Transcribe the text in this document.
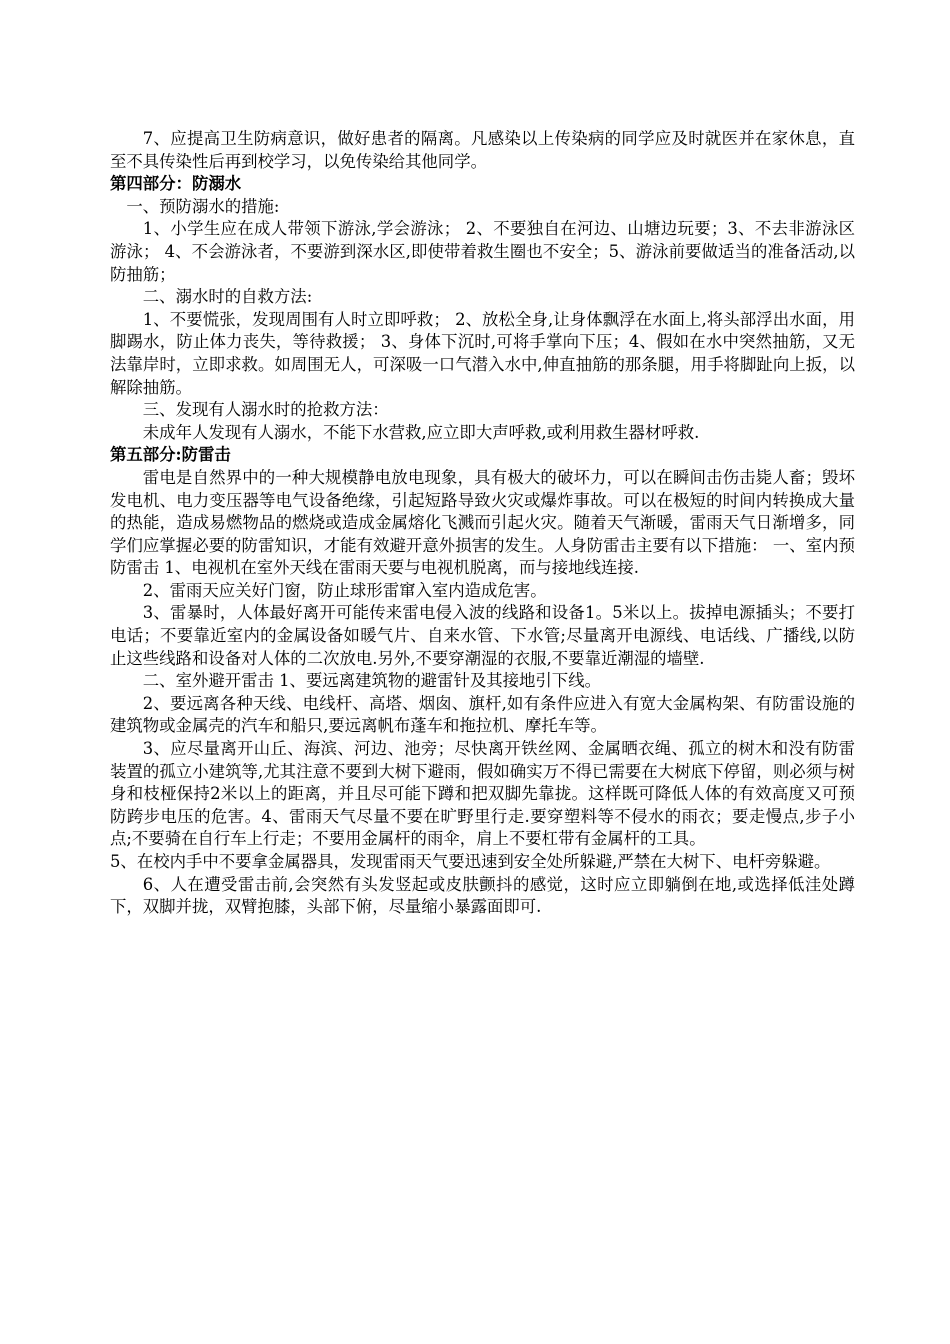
7、应提高卫生防病意识，做好患者的隔离。凡感染以上传染病的同学应及时就医并在家休息，直至不具传染性后再到校学习，以免传染给其他同学。

第四部分：防溺水

一、预防溺水的措施:

1、小学生应在成人带领下游泳,学会游泳； 2、不要独自在河边、山塘边玩要；3、不去非游泳区游泳； 4、不会游泳者，不要游到深水区,即使带着救生圈也不安全；5、游泳前要做适当的准备活动,以防抽筋；

二、溺水时的自救方法:

1、不要慌张，发现周围有人时立即呼救； 2、放松全身,让身体飘浮在水面上,将头部浮出水面，用脚踢水，防止体力丧失，等待救援； 3、身体下沉时,可将手掌向下压；4、假如在水中突然抽筋，又无法靠岸时，立即求救。如周围无人，可深吸一口气潜入水中,伸直抽筋的那条腿，用手将脚趾向上扳，以解除抽筋。

三、发现有人溺水时的抢救方法：

未成年人发现有人溺水，不能下水营救,应立即大声呼救,或利用救生器材呼救.

第五部分:防雷击

雷电是自然界中的一种大规模静电放电现象，具有极大的破坏力，可以在瞬间击伤击毙人畜；毁坏发电机、电力变压器等电气设备绝缘，引起短路导致火灾或爆炸事故。可以在极短的时间内转换成大量的热能，造成易燃物品的燃烧或造成金属熔化飞溅而引起火灾。随着天气渐暖，雷雨天气日渐增多，同学们应掌握必要的防雷知识，才能有效避开意外损害的发生。人身防雷击主要有以下措施： 一、室内预防雷击 1、电视机在室外天线在雷雨天要与电视机脱离，而与接地线连接.

2、雷雨天应关好门窗，防止球形雷窜入室内造成危害。

3、雷暴时，人体最好离开可能传来雷电侵入波的线路和设备1。5米以上。拔掉电源插头；不要打电话；不要靠近室内的金属设备如暖气片、自来水管、下水管;尽量离开电源线、电话线、广播线,以防止这些线路和设备对人体的二次放电.另外,不要穿潮湿的衣服,不要靠近潮湿的墙壁.

二、室外避开雷击 1、要远离建筑物的避雷针及其接地引下线。

2、要远离各种天线、电线杆、高塔、烟囱、旗杆,如有条件应进入有宽大金属构架、有防雷设施的建筑物或金属壳的汽车和船只,要远离帆布蓬车和拖拉机、摩托车等。

3、应尽量离开山丘、海滨、河边、池旁；尽快离开铁丝网、金属晒衣绳、孤立的树木和没有防雷装置的孤立小建筑等,尤其注意不要到大树下避雨，假如确实万不得已需要在大树底下停留，则必须与树身和枝桠保持2米以上的距离，并且尽可能下蹲和把双脚先靠拢。这样既可降低人体的有效高度又可预防跨步电压的危害。4、雷雨天气尽量不要在旷野里行走.要穿塑料等不侵水的雨衣；要走慢点,步子小点;不要骑在自行车上行走；不要用金属杆的雨伞，肩上不要杠带有金属杆的工具。

5、在校内手中不要拿金属器具，发现雷雨天气要迅速到安全处所躲避,严禁在大树下、电杆旁躲避。

6、人在遭受雷击前,会突然有头发竖起或皮肤颤抖的感觉，这时应立即躺倒在地,或选择低洼处蹲下，双脚并拢，双臂抱膝，头部下俯，尽量缩小暴露面即可.
